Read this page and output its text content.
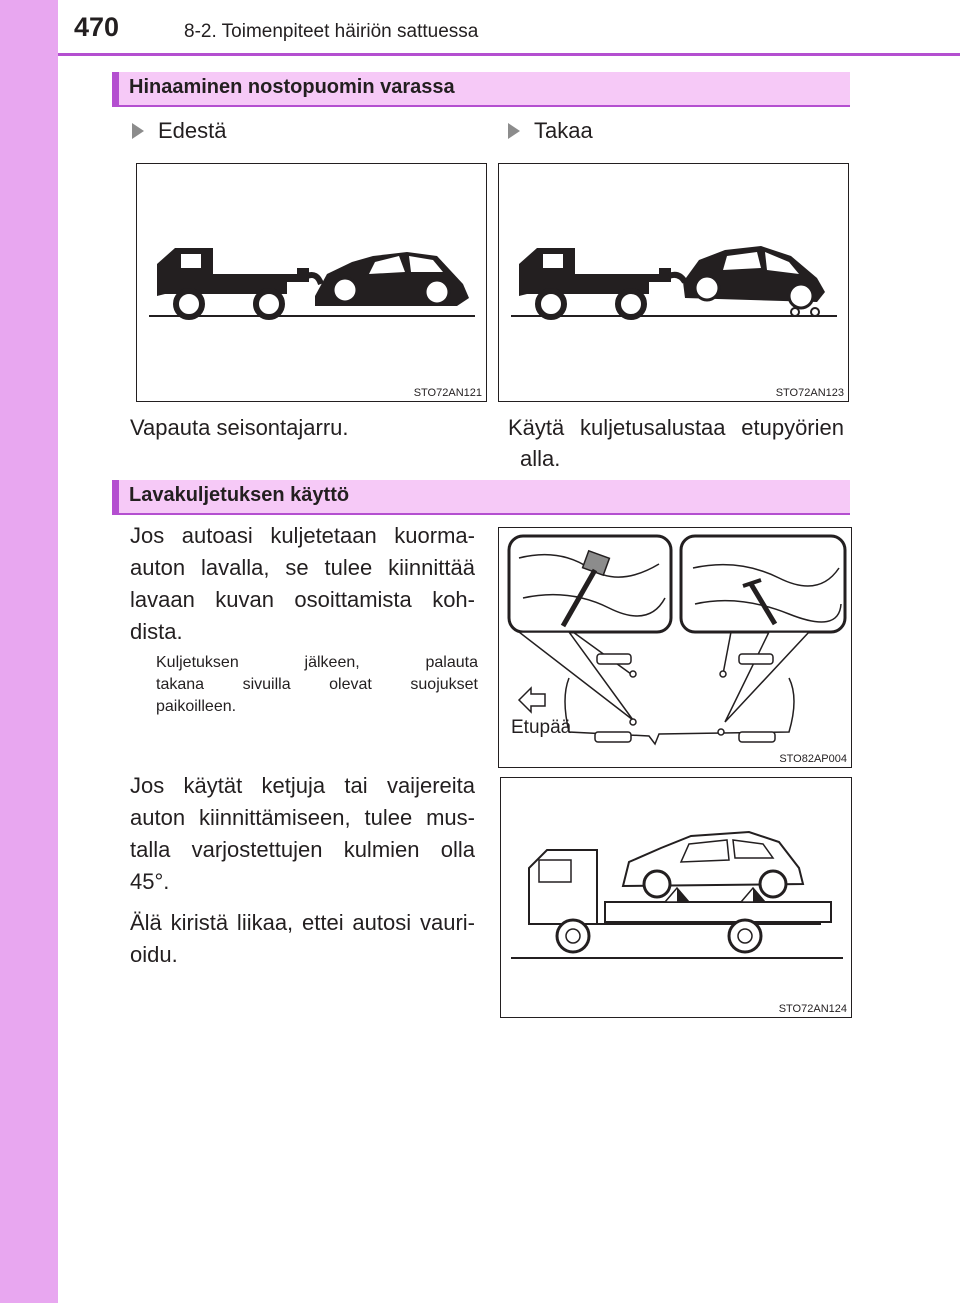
470	8-2. Toimenpiteet häiriön sattuessa
Hinaaminen nostopuomin varassa
Edestä	Takaa
STO72AN121	STO72AN123
Vapauta seisontajarru.	Käytä kuljetusalustaa etupyörien
alla.
Lavakuljetuksen käyttö
Jos autoasi kuljetetaan kuorma-
auton lavalla, se tulee kiinnittää
lavaan kuvan osoittamista koh-
dista.
Kuljetuksen jälkeen, palauta
takana sivuilla olevat suojukset
paikoilleen.
Jos käytät ketjuja tai vaijereita
auton kiinnittämiseen, tulee mus-
talla varjostettujen kulmien olla
45°.
Älä kiristä liikaa, ettei autosi vauri-
oidu.
Etupää
STO82AP004
STO72AN124
